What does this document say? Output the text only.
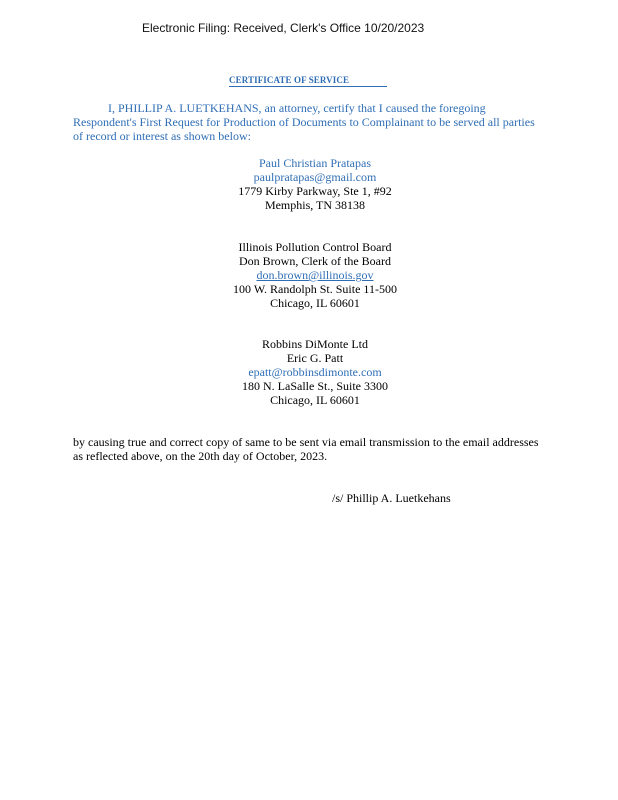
Electronic Filing: Received, Clerk's Office 10/20/2023
CERTIFICATE OF SERVICE
I, PHILLIP A. LUETKEHANS, an attorney, certify that I caused the foregoing
Respondent's First Request for Production of Documents to Complainant to be served all parties
of record or interest as shown below:
Paul Christian Pratapas
paulpratapas@gmail.com
1779 Kirby Parkway, Ste 1, #92
Memphis, TN 38138
Illinois Pollution Control Board
Don Brown, Clerk of the Board
don.brown@illinois.gov
100 W. Randolph St. Suite 11-500
Chicago, IL 60601
Robbins DiMonte Ltd
Eric G. Patt
epatt@robbinsdimonte.com
180 N. LaSalle St., Suite 3300
Chicago, IL 60601
by causing true and correct copy of same to be sent via email transmission to the email addresses
as reflected above, on the 20th day of October, 2023.
/s/ Phillip A. Luetkehans
